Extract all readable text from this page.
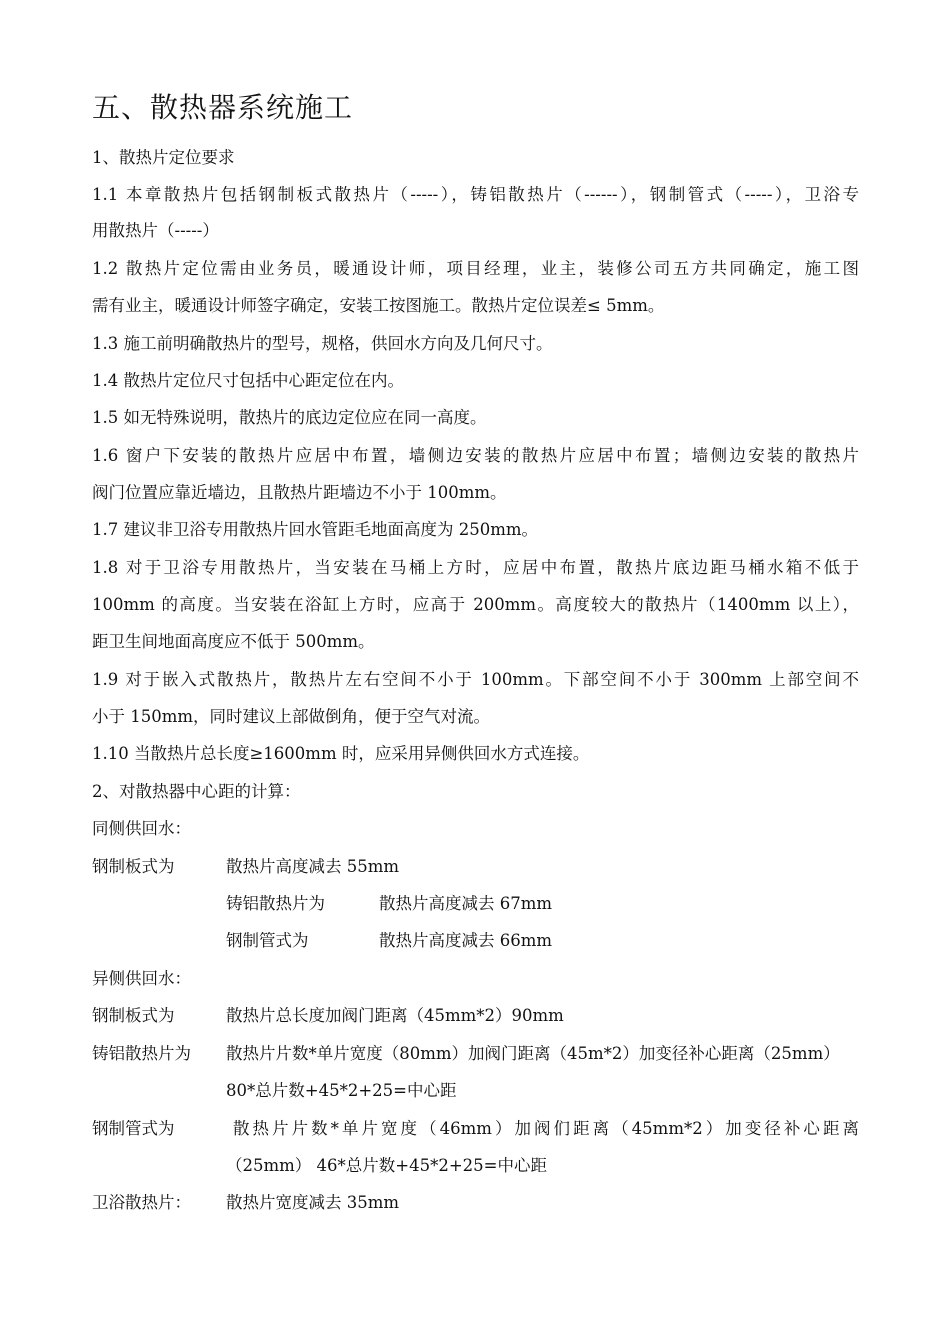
五、散热器系统施工
1、散热片定位要求
1.1 本章散热片包括钢制板式散热片（-----），铸铝散热片（------），钢制管式（-----），卫浴专
用散热片（-----）
1.2 散热片定位需由业务员，暖通设计师，项目经理，业主，装修公司五方共同确定，施工图
需有业主，暖通设计师签字确定，安装工按图施工。散热片定位误差≤ 5mm。
1.3 施工前明确散热片的型号，规格，供回水方向及几何尺寸。
1.4 散热片定位尺寸包括中心距定位在内。
1.5 如无特殊说明，散热片的底边定位应在同一高度。
1.6 窗户下安装的散热片应居中布置，墙侧边安装的散热片应居中布置；墙侧边安装的散热片
阀门位置应靠近墙边，且散热片距墙边不小于 100mm。
1.7 建议非卫浴专用散热片回水管距毛地面高度为 250mm。
1.8 对于卫浴专用散热片，当安装在马桶上方时，应居中布置，散热片底边距马桶水箱不低于
100mm 的高度。当安装在浴缸上方时，应高于 200mm。高度较大的散热片（1400mm 以上），
距卫生间地面高度应不低于 500mm。
1.9 对于嵌入式散热片，散热片左右空间不小于 100mm。下部空间不小于 300mm 上部空间不
小于 150mm，同时建议上部做倒角，便于空气对流。
1.10 当散热片总长度≥1600mm 时，应采用异侧供回水方式连接。
2、对散热器中心距的计算：
同侧供回水：
钢制板式为	散热片高度减去 55mm
铸铝散热片为	散热片高度减去 67mm
钢制管式为	散热片高度减去 66mm
异侧供回水：
钢制板式为	散热片总长度加阀门距离（45mm*2）90mm
铸铝散热片为 散热片片数*单片宽度（80mm）加阀门距离（45m*2）加变径补心距离（25mm）
80*总片数+45*2+25=中心距
钢制管式为	散热片片数*单片宽度（46mm）加阀们距离（45mm*2）加变径补心距离
（25mm） 46*总片数+45*2+25=中心距
卫浴散热片： 散热片宽度减去 35mm
